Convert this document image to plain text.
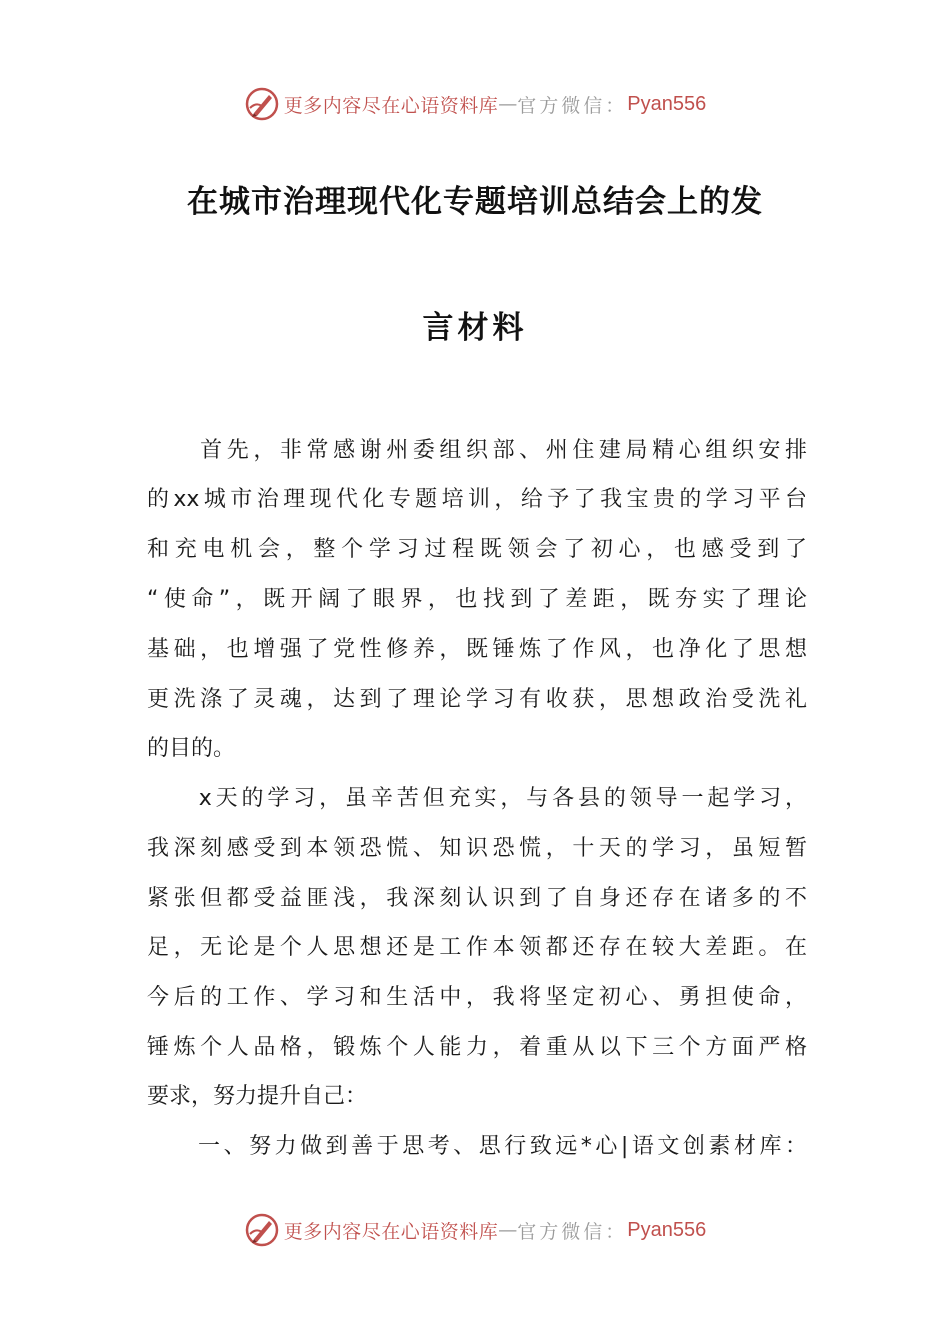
更多内容尽在心语资料库 — 官方微信： Pyan556
在城市治理现代化专题培训总结会上的发
言材料
　　首先，非常感谢州委组织部、州住建局精心组织安排
的xx城市治理现代化专题培训，给予了我宝贵的学习平台
和充电机会，整个学习过程既领会了初心，也感受到了
“使命”，既开阔了眼界，也找到了差距，既夯实了理论
基础，也增强了党性修养，既锤炼了作风，也净化了思想
更洗涤了灵魂，达到了理论学习有收获，思想政治受洗礼
的目的。
　　x天的学习，虽辛苦但充实，与各县的领导一起学习，
我深刻感受到本领恐慌、知识恐慌，十天的学习，虽短暂
紧张但都受益匪浅，我深刻认识到了自身还存在诸多的不
足，无论是个人思想还是工作本领都还存在较大差距。在
今后的工作、学习和生活中，我将坚定初心、勇担使命，
锤炼个人品格，锻炼个人能力，着重从以下三个方面严格
要求，努力提升自己：
　　一、努力做到善于思考、思行致远*心|语文创素材库：
更多内容尽在心语资料库 — 官方微信： Pyan556
